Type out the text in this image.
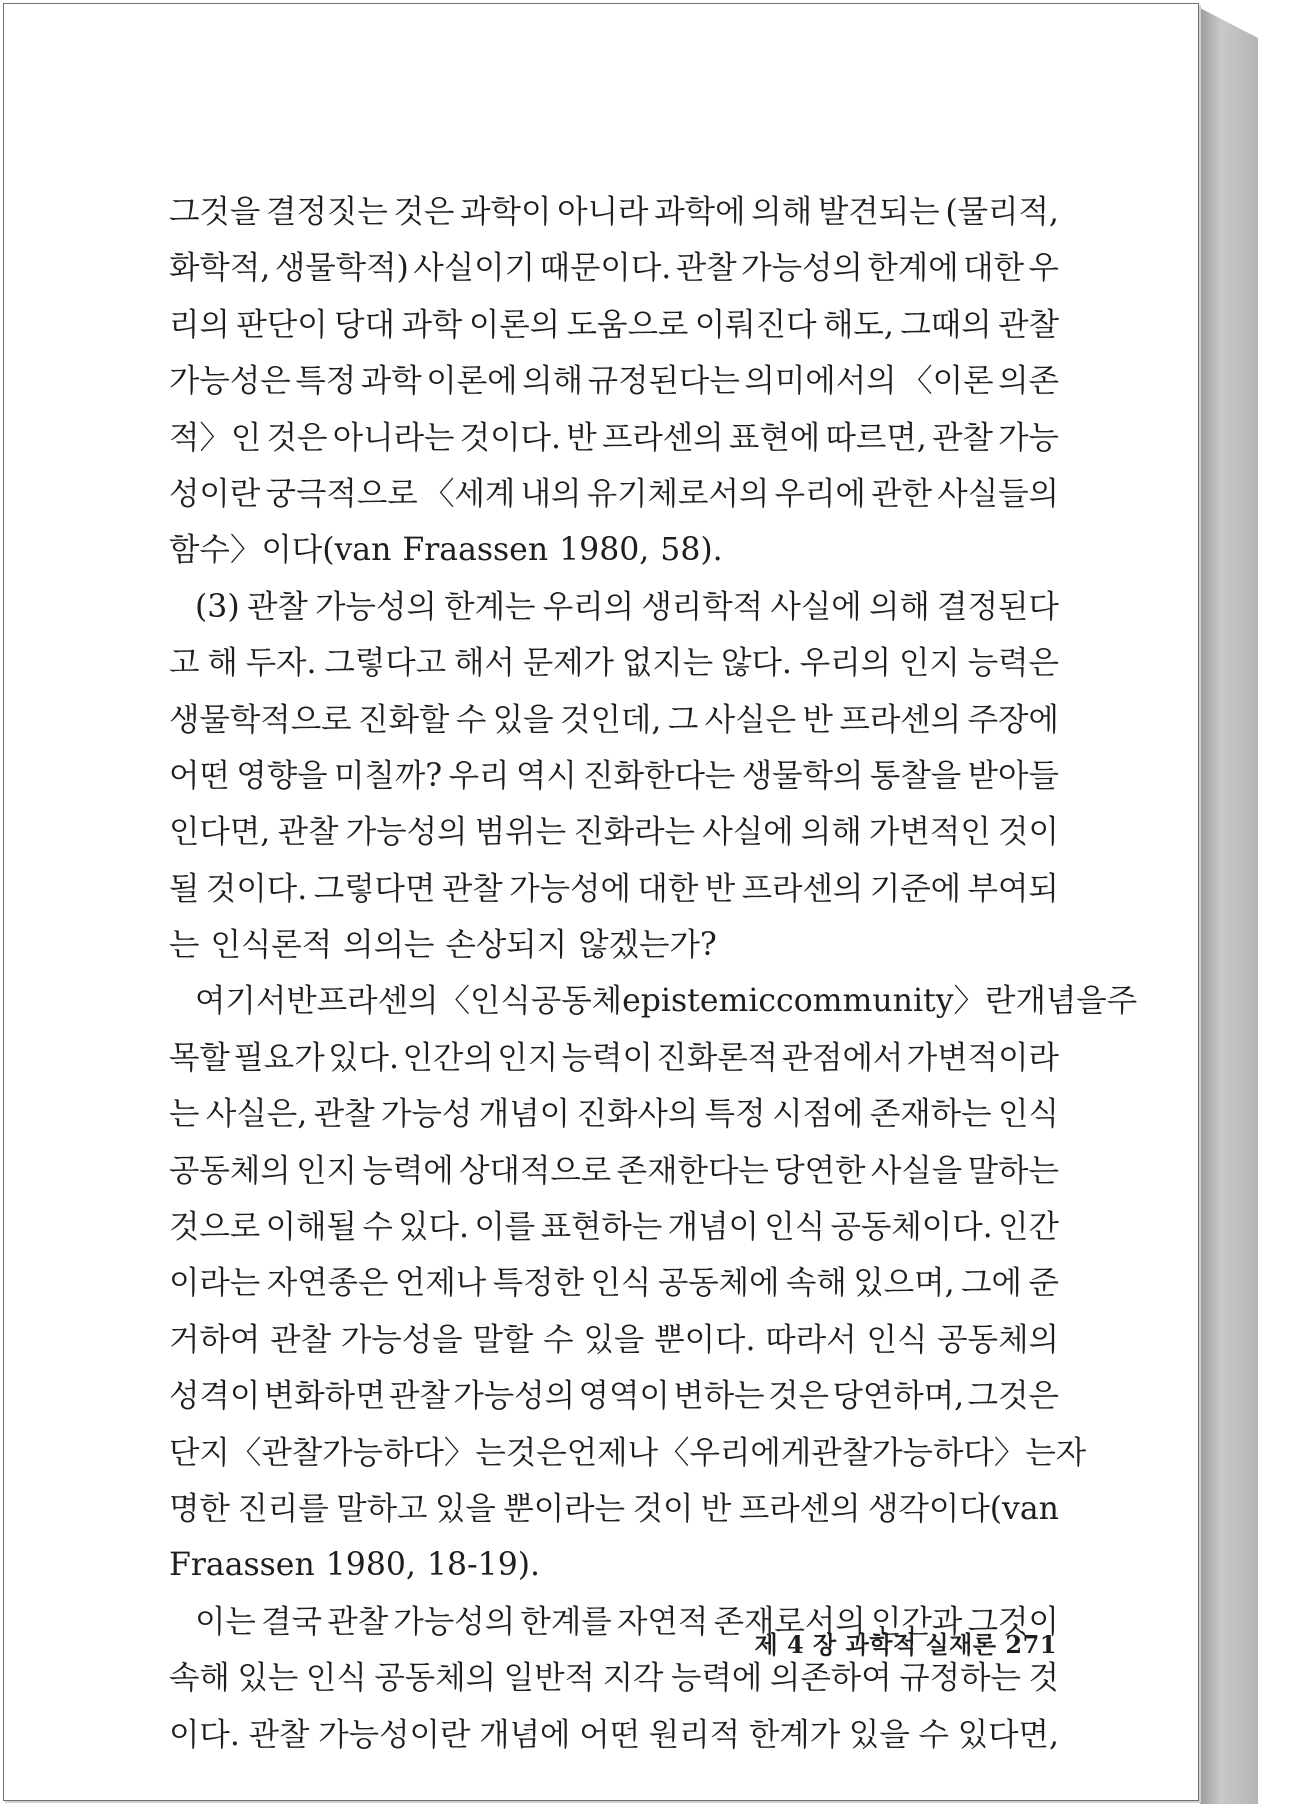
그것을 결정짓는 것은 과학이 아니라 과학에 의해 발견되는 (물리적,
화학적, 생물학적) 사실이기 때문이다. 관찰 가능성의 한계에 대한 우
리의 판단이 당대 과학 이론의 도움으로 이뤄진다 해도, 그때의 관찰
가능성은 특정 과학 이론에 의해 규정된다는 의미에서의 〈이론 의존
적〉인 것은 아니라는 것이다. 반 프라센의 표현에 따르면, 관찰 가능
성이란 궁극적으로 〈세계 내의 유기체로서의 우리에 관한 사실들의
함수〉이다(van Fraassen 1980, 58).
(3) 관찰 가능성의 한계는 우리의 생리학적 사실에 의해 결정된다
고 해 두자. 그렇다고 해서 문제가 없지는 않다. 우리의 인지 능력은
생물학적으로 진화할 수 있을 것인데, 그 사실은 반 프라센의 주장에
어떤 영향을 미칠까? 우리 역시 진화한다는 생물학의 통찰을 받아들
인다면, 관찰 가능성의 범위는 진화라는 사실에 의해 가변적인 것이
될 것이다. 그렇다면 관찰 가능성에 대한 반 프라센의 기준에 부여되
는 인식론적 의의는 손상되지 않겠는가?
여기서 반 프라센의 〈인식 공동체 epistemic community〉란 개념을 주
목할 필요가 있다. 인간의 인지 능력이 진화론적 관점에서 가변적이라
는 사실은, 관찰 가능성 개념이 진화사의 특정 시점에 존재하는 인식
공동체의 인지 능력에 상대적으로 존재한다는 당연한 사실을 말하는
것으로 이해될 수 있다. 이를 표현하는 개념이 인식 공동체이다. 인간
이라는 자연종은 언제나 특정한 인식 공동체에 속해 있으며, 그에 준
거하여 관찰 가능성을 말할 수 있을 뿐이다. 따라서 인식 공동체의
성격이 변화하면 관찰 가능성의 영역이 변하는 것은 당연하며, 그것은
단지 〈관찰 가능하다〉는 것은 언제나 〈우리에게 관찰 가능하다〉는 자
명한 진리를 말하고 있을 뿐이라는 것이 반 프라센의 생각이다(van
Fraassen 1980, 18-19).
이는 결국 관찰 가능성의 한계를 자연적 존재로서의 인간과 그것이
속해 있는 인식 공동체의 일반적 지각 능력에 의존하여 규정하는 것
이다. 관찰 가능성이란 개념에 어떤 원리적 한계가 있을 수 있다면,
제 4 장 과학적 실재론 271
